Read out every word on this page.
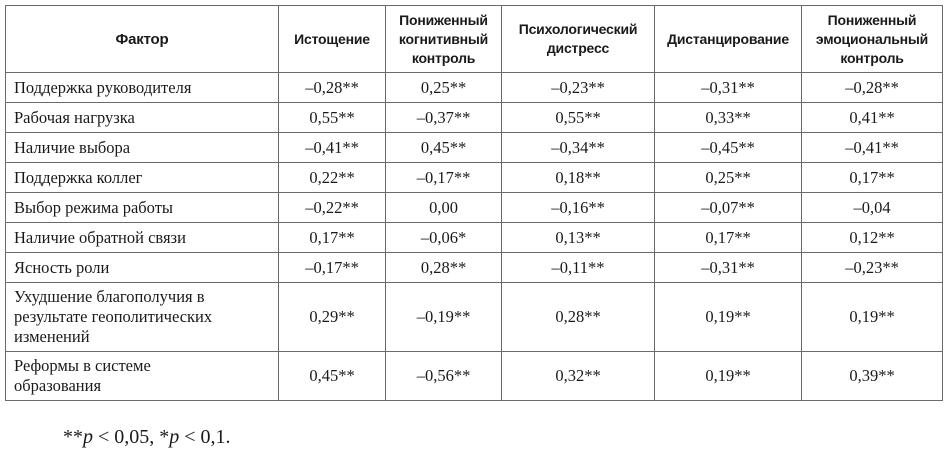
Фактор	Истощение	Пониженный когнитивный контроль	Психологический дистресс	Дистанцирование	Пониженный эмоциональный контроль
Поддержка руководителя	–0,28**	0,25**	–0,23**	–0,31**	–0,28**
Рабочая нагрузка	0,55**	–0,37**	0,55**	0,33**	0,41**
Наличие выбора	–0,41**	0,45**	–0,34**	–0,45**	–0,41**
Поддержка коллег	0,22**	–0,17**	0,18**	0,25**	0,17**
Выбор режима работы	–0,22**	0,00	–0,16**	–0,07**	–0,04
Наличие обратной связи	0,17**	–0,06*	0,13**	0,17**	0,12**
Ясность роли	–0,17**	0,28**	–0,11**	–0,31**	–0,23**
Ухудшение благополучия в результате геополитических изменений	0,29**	–0,19**	0,28**	0,19**	0,19**
Реформы в системе образования	0,45**	–0,56**	0,32**	0,19**	0,39**
**p < 0,05, *p < 0,1.
